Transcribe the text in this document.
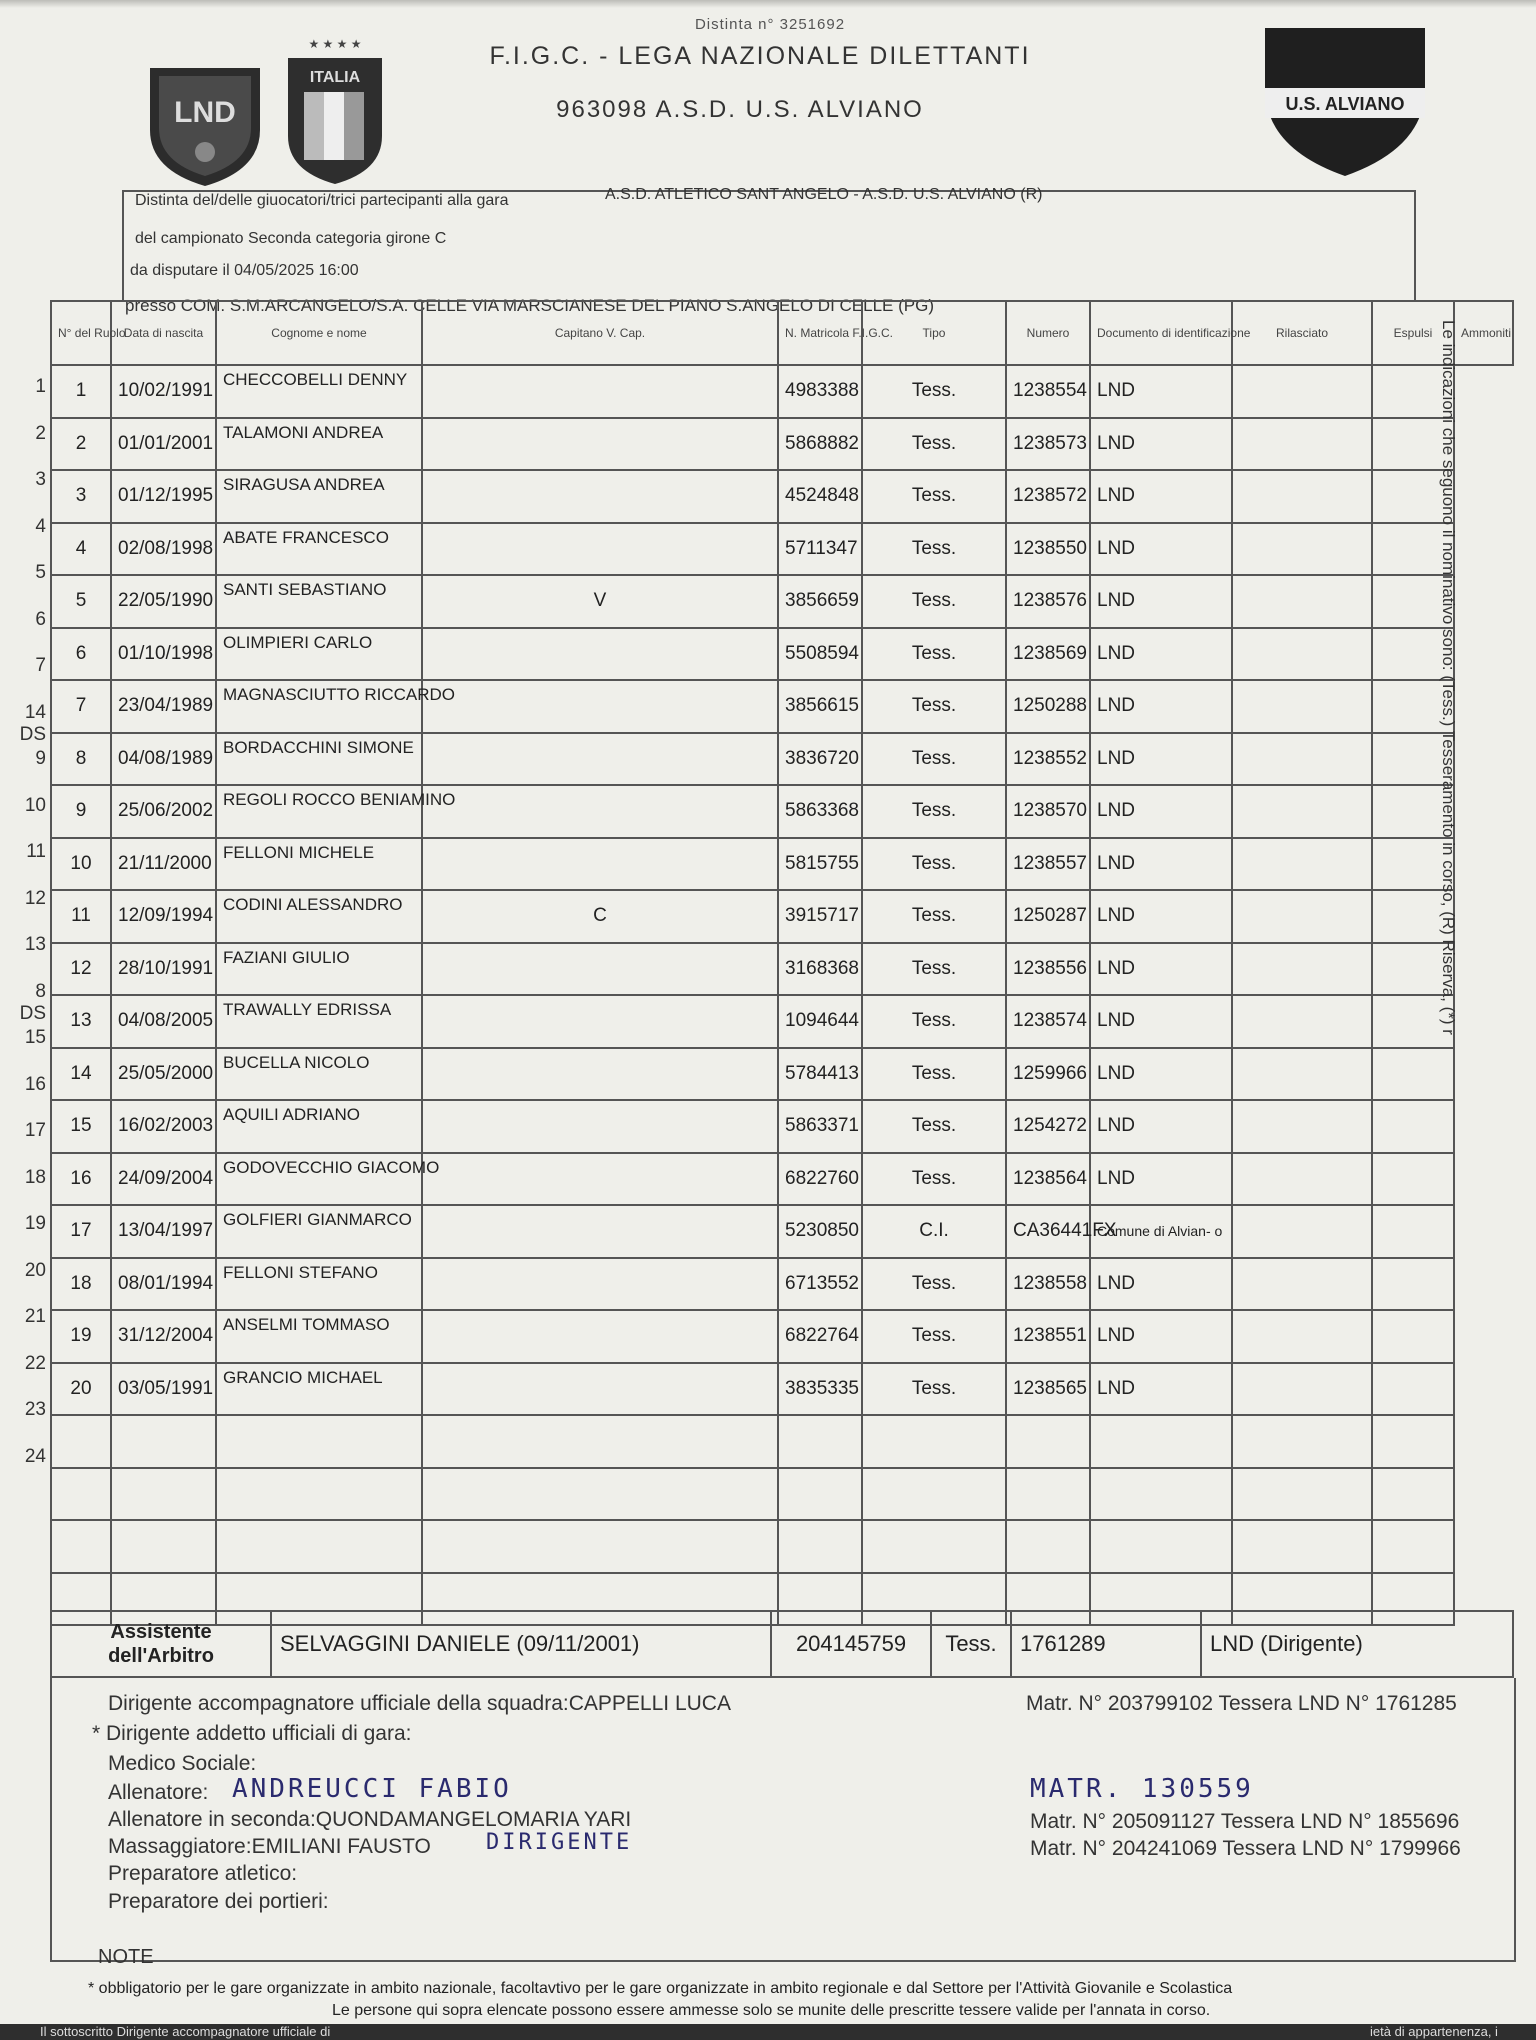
LND
★ ★ ★ ★
ITALIA
U.S. ALVIANO
Distinta n° 3251692
F.I.G.C. - LEGA NAZIONALE DILETTANTI
963098 A.S.D. U.S. ALVIANO
Distinta del/delle giuocatori/trici partecipanti alla gara	A.S.D. ATLETICO SANT ANGELO - A.S.D. U.S. ALVIANO (R)
del campionato Seconda categoria girone C
da disputare il 04/05/2025 16:00
presso COM. S.M.ARCANGELO/S.A. CELLE VIA MARSCIANESE DEL PIANO S.ANGELO DI CELLE (PG)
N° del Ruolo	Data di nascita	Cognome e nome	Capitano V. Cap.	N. Matricola F.I.G.C.	Tipo	Numero	Documento di identificazione	Rilasciato	Espulsi	Ammoniti
1	10/02/1991	CHECCOBELLI DENNY		4983388	Tess.	1238554	LND			
2	01/01/2001	TALAMONI ANDREA		5868882	Tess.	1238573	LND			
3	01/12/1995	SIRAGUSA ANDREA		4524848	Tess.	1238572	LND			
4	02/08/1998	ABATE FRANCESCO		5711347	Tess.	1238550	LND			
5	22/05/1990	SANTI SEBASTIANO	V	3856659	Tess.	1238576	LND			
6	01/10/1998	OLIMPIERI CARLO		5508594	Tess.	1238569	LND			
7	23/04/1989	MAGNASCIUTTO RICCARDO		3856615	Tess.	1250288	LND			
8	04/08/1989	BORDACCHINI SIMONE		3836720	Tess.	1238552	LND			
9	25/06/2002	REGOLI ROCCO BENIAMINO		5863368	Tess.	1238570	LND			
10	21/11/2000	FELLONI MICHELE		5815755	Tess.	1238557	LND			
11	12/09/1994	CODINI ALESSANDRO	C	3915717	Tess.	1250287	LND			
12	28/10/1991	FAZIANI GIULIO		3168368	Tess.	1238556	LND			
13	04/08/2005	TRAWALLY EDRISSA		1094644	Tess.	1238574	LND			
14	25/05/2000	BUCELLA NICOLO		5784413	Tess.	1259966	LND			
15	16/02/2003	AQUILI ADRIANO		5863371	Tess.	1254272	LND			
16	24/09/2004	GODOVECCHIO GIACOMO		6822760	Tess.	1238564	LND			
17	13/04/1997	GOLFIERI GIANMARCO		5230850	C.I.	CA36441FX	Comune di Alvian- o			
18	08/01/1994	FELLONI STEFANO		6713552	Tess.	1238558	LND			
19	31/12/2004	ANSELMI TOMMASO		6822764	Tess.	1238551	LND			
20	03/05/1991	GRANCIO MICHAEL		3835335	Tess.	1238565	LND			

1
2
3
4
5
6
7
14 DS
9
10
11
12
13
8 DS
15
16
17
18
19
20
21
22
23
24
Le indicazioni che seguono il nominativo sono: (Tess.) Tesseramento in corso, (R) Riserva, (*) r
Assistente dell'Arbitro	SELVAGGINI DANIELE (09/11/2001)	204145759	Tess.	1761289	LND (Dirigente)
Dirigente accompagnatore ufficiale della squadra:CAPPELLI LUCA	Matr. N° 203799102 Tessera LND N° 1761285
* Dirigente addetto ufficiali di gara:
Medico Sociale:
Allenatore: ANDREUCCI FABIO	MATR. 130559
Allenatore in seconda:QUONDAMANGELOMARIA YARI	Matr. N° 205091127 Tessera LND N° 1855696
Massaggiatore:EMILIANI FAUSTO	DIRIGENTE	Matr. N° 204241069 Tessera LND N° 1799966
Preparatore atletico:
Preparatore dei portieri:
NOTE
* obbligatorio per le gare organizzate in ambito nazionale, facoltavtivo per le gare organizzate in ambito regionale e dal Settore per l'Attività Giovanile e Scolastica
Le persone qui sopra elencate possono essere ammesse solo se munite delle prescritte tessere valide per l'annata in corso.
Il sottoscritto Dirigente accompagnatore ufficiale di	ietà di appartenenza, i
